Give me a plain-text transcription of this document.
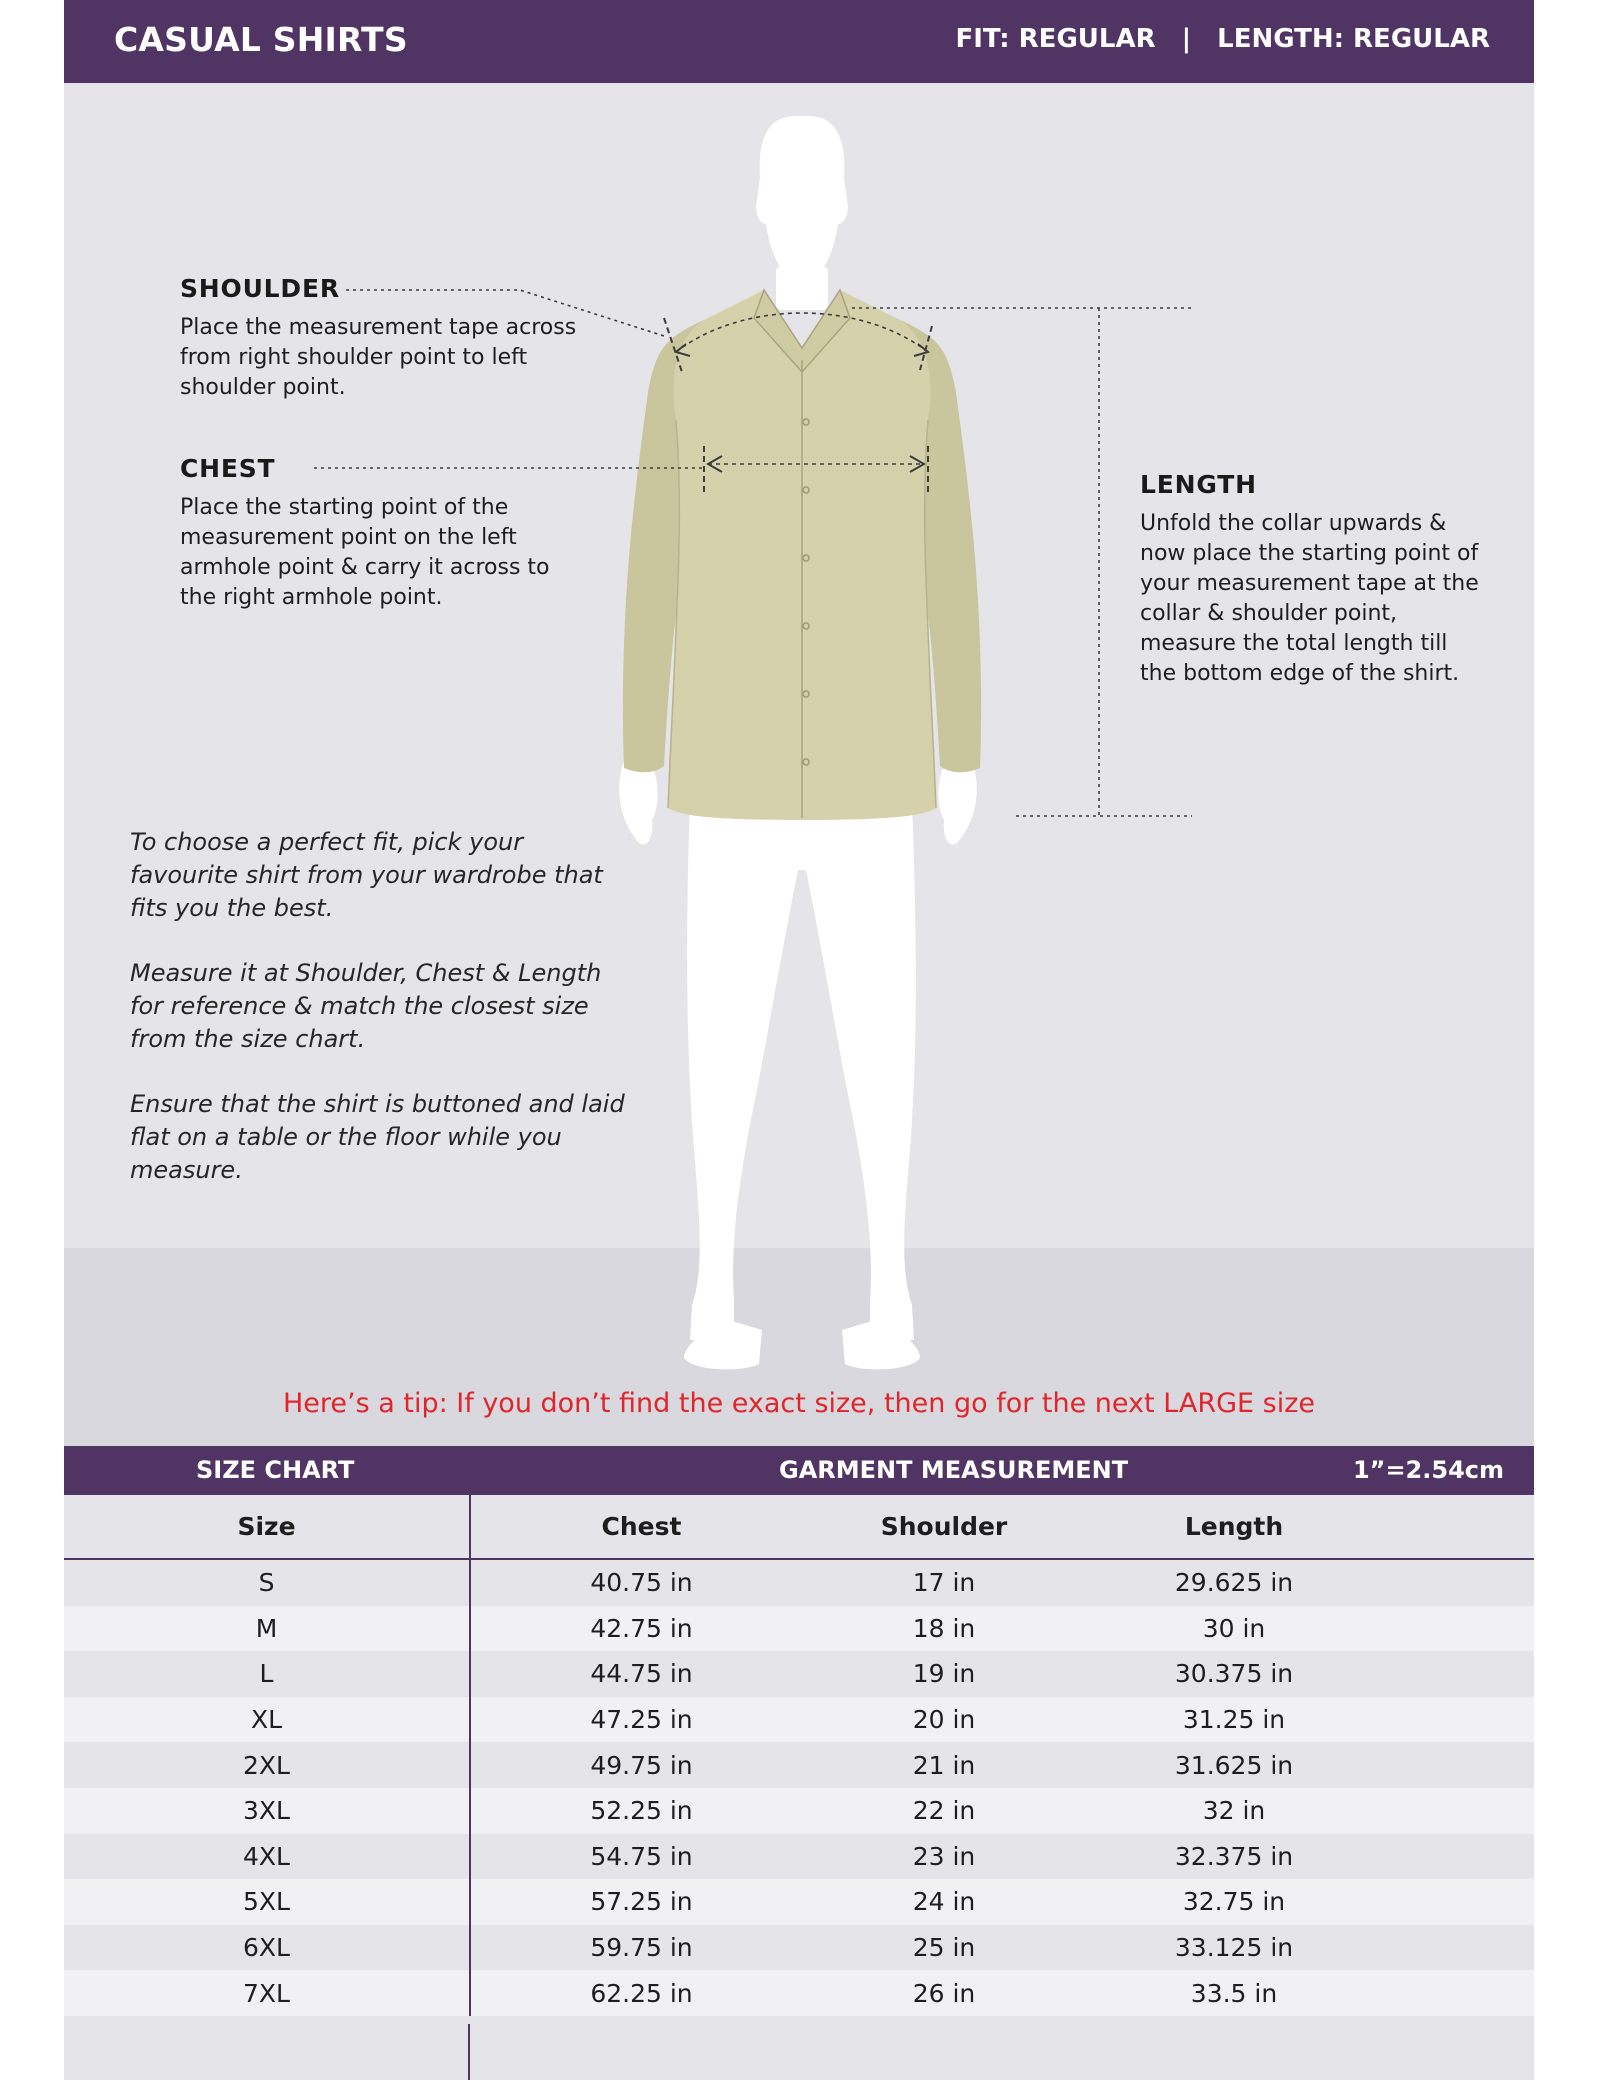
CASUAL SHIRTS	FIT: REGULAR | LENGTH: REGULAR
SHOULDER

Place the measurement tape across from right shoulder point to left shoulder point.

CHEST

Place the starting point of the measurement point on the left armhole point & carry it across to the right armhole point.

LENGTH

Unfold the collar upwards & now place the starting point of your measurement tape at the collar & shoulder point, measure the total length till the bottom edge of the shirt.

To choose a perfect fit, pick your favourite shirt from your wardrobe that fits you the best.

Measure it at Shoulder, Chest & Length for reference & match the closest size from the size chart.

Ensure that the shirt is buttoned and laid flat on a table or the floor while you measure.

Here’s a tip: If you don’t find the exact size, then go for the next LARGE size
SIZE CHART	GARMENT MEASUREMENT	1”=2.54cm
Size	Chest	Shoulder	Length	
S	40.75 in	17 in	29.625 in	
M	42.75 in	18 in	30 in	
L	44.75 in	19 in	30.375 in	
XL	47.25 in	20 in	31.25 in	
2XL	49.75 in	21 in	31.625 in	
3XL	52.25 in	22 in	32 in	
4XL	54.75 in	23 in	32.375 in	
5XL	57.25 in	24 in	32.75 in	
6XL	59.75 in	25 in	33.125 in	
7XL	62.25 in	26 in	33.5 in	
